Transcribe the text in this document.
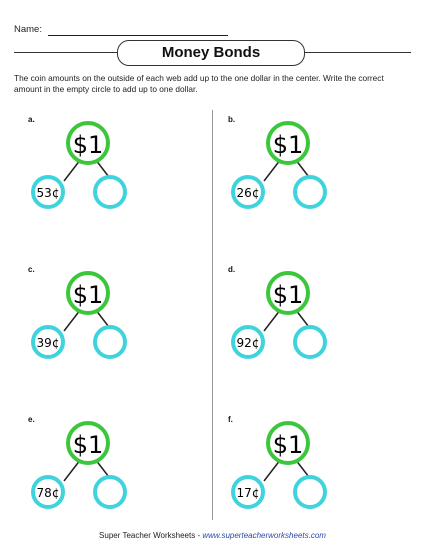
Name:
Money Bonds
The coin amounts on the outside of each web add up to the one dollar in the center. Write the correct amount in the empty circle to add up to one dollar.
a.
$1
53¢
b.
$1
26¢
c.
$1
39¢
d.
$1
92¢
e.
$1
78¢
f.
$1
17¢
Super Teacher Worksheets - www.superteacherworksheets.com
